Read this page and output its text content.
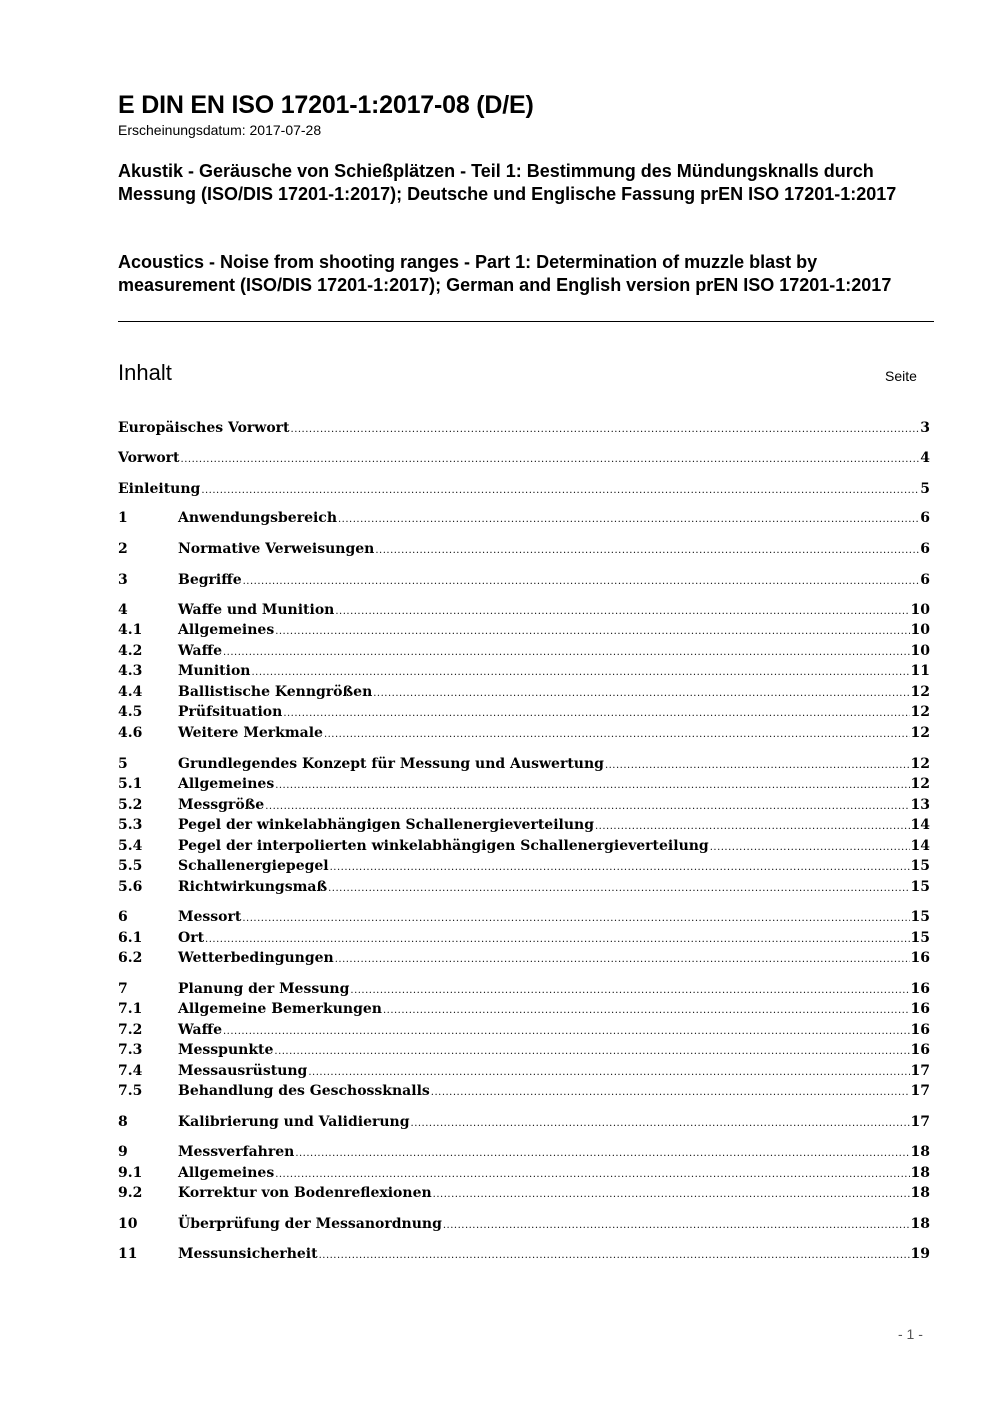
E DIN EN ISO 17201-1:2017-08 (D/E)
Erscheinungsdatum: 2017-07-28
Akustik - Geräusche von Schießplätzen - Teil 1: Bestimmung des Mündungsknalls durch Messung (ISO/DIS 17201-1:2017); Deutsche und Englische Fassung prEN ISO 17201-1:2017
Acoustics - Noise from shooting ranges - Part 1: Determination of muzzle blast by measurement (ISO/DIS 17201-1:2017); German and English version prEN ISO 17201-1:2017
Inhalt	Seite
Europäisches Vorwort .....	3
Vorwort .....	4
Einleitung .....	5
1	Anwendungsbereich .....	6
2	Normative Verweisungen .....	6
3	Begriffe .....	6
4	Waffe und Munition .....	10
4.1	Allgemeines .....	10
4.2	Waffe .....	10
4.3	Munition .....	11
4.4	Ballistische Kenngrößen .....	12
4.5	Prüfsituation .....	12
4.6	Weitere Merkmale .....	12
5	Grundlegendes Konzept für Messung und Auswertung .....	12
5.1	Allgemeines .....	12
5.2	Messgröße .....	13
5.3	Pegel der winkelabhängigen Schallenergieverteilung .....	14
5.4	Pegel der interpolierten winkelabhängigen Schallenergieverteilung .....	14
5.5	Schallenergiepegel .....	15
5.6	Richtwirkungsmaß .....	15
6	Messort .....	15
6.1	Ort .....	15
6.2	Wetterbedingungen .....	16
7	Planung der Messung .....	16
7.1	Allgemeine Bemerkungen .....	16
7.2	Waffe .....	16
7.3	Messpunkte .....	16
7.4	Messausrüstung .....	17
7.5	Behandlung des Geschossknalls .....	17
8	Kalibrierung und Validierung .....	17
9	Messverfahren .....	18
9.1	Allgemeines .....	18
9.2	Korrektur von Bodenreflexionen .....	18
10	Überprüfung der Messanordnung .....	18
11	Messunsicherheit .....	19
- 1 -
